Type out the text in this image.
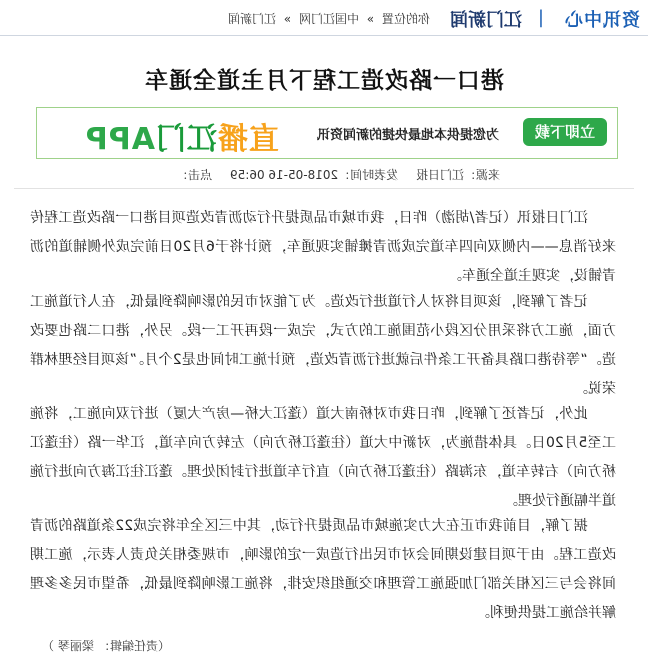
资讯中心
|
江门新闻
你的位置 » 中国江门网 » 江门新闻
港口一路改造工程下月主道全通车
立即下载
为您提供本地最快捷的新闻资讯
直播江门APP
来源：江门日报 发表时间：2018-05-16 06:59 点击：
江门日报讯（记者/胡渤）昨日，我市城市品质提升行动沥青改造项目港口一路改造工程传来好消息——内侧双向四车道完成沥青摊铺实现通车，预计将于6月20日前完成外侧辅道的沥青铺设，实现主道全通车。
记者了解到，该项目将对人行道进行改造。为了能对市民的影响降到最低，在人行道施工方面，施工方将采用分区段小范围施工的方式，完成一段再开工一段。另外，港口二路也要改造。“等待港口路具备开工条件后就进行沥青改造，预计施工时间也是2个月。”该项目经理林群荣说。
此外，记者还了解到，昨日我市对桥南大道（蓬江大桥—房产大厦）进行双向施工，将施工至5月20日。具体措施为，对新中大道（往蓬江桥方向）左转方向车道，江华一路（往蓬江桥方向）右转车道，东海路（往蓬江桥方向）直行车道进行封闭处理。蓬江往江海方向进行施道半幅通行处理。
据了解，目前我市正在大力实施城市品质提升行动，其中三区全年将完成22条道路的沥青改造工程。由于项目建设期间会对市民出行造成一定的影响，市规委相关负责人表示，施工期间将会与三区相关部门加强施工管理和交通组织安排，将施工影响降到最低，希望市民多多理解并给施工提供便利。
（责任编辑：梁丽琴）
